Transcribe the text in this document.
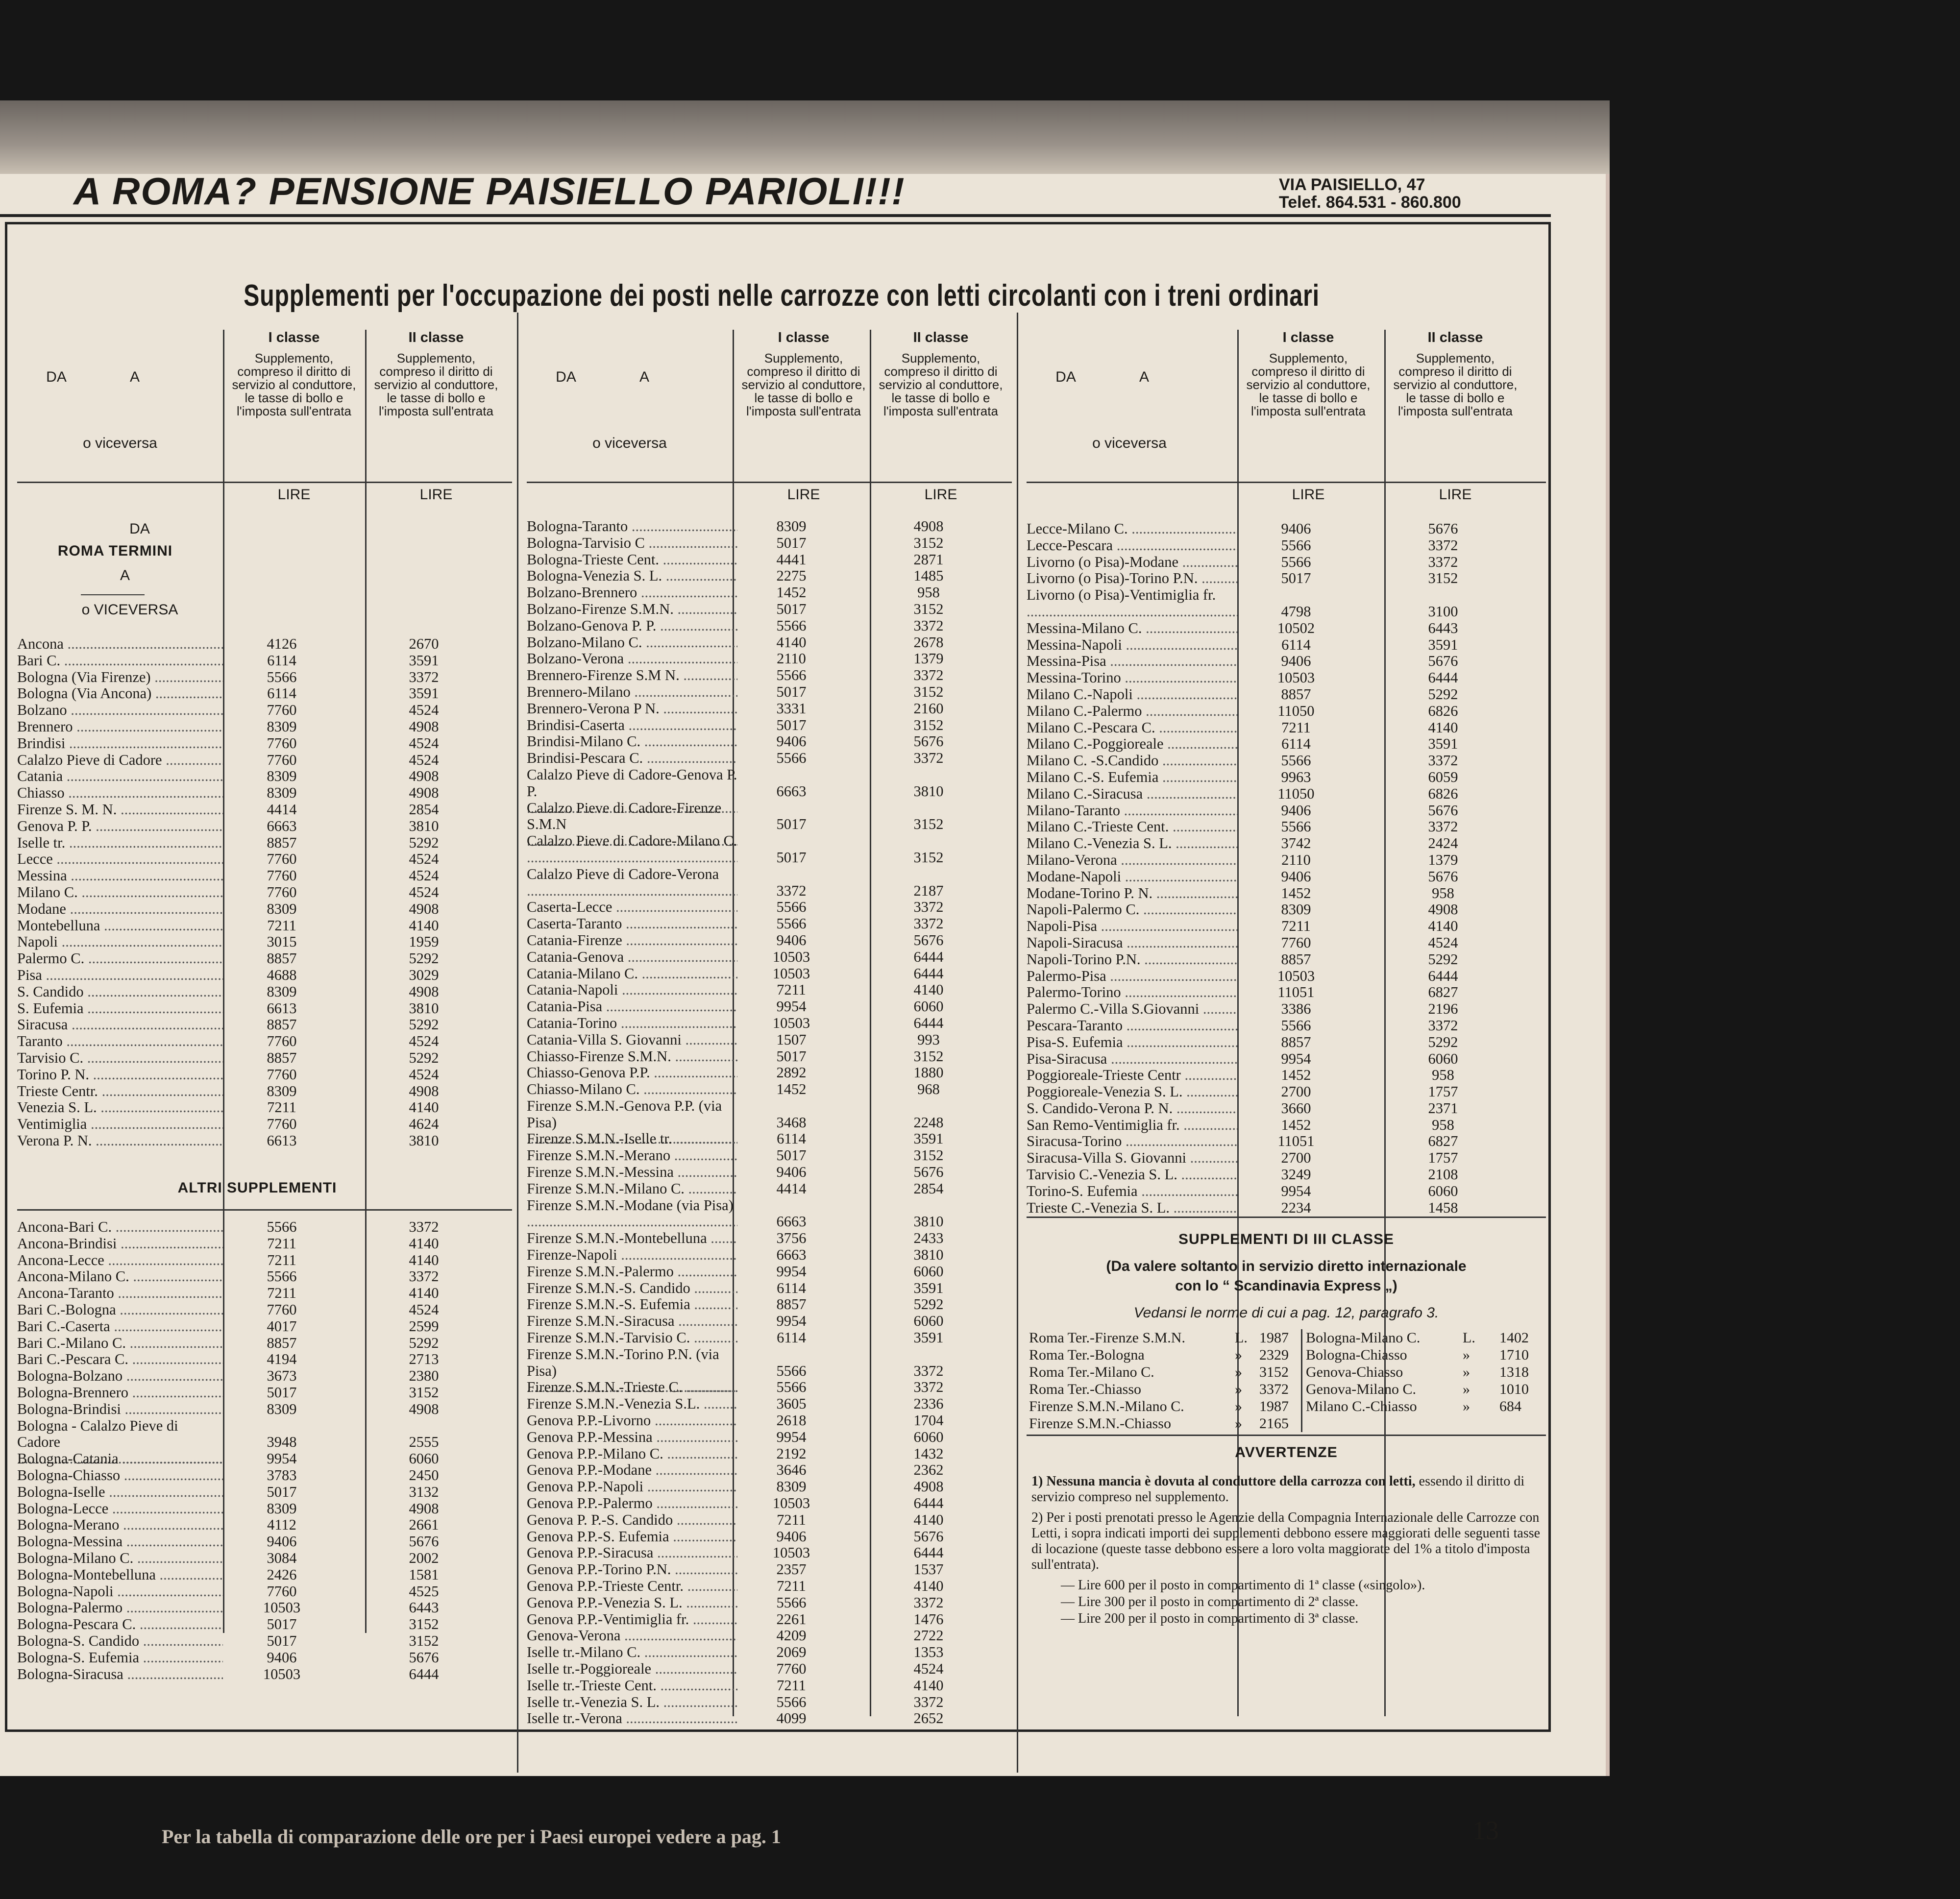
A ROMA? PENSIONE PAISIELLO PARIOLI!!!	VIA PAISIELLO, 47
Telef. 864.531 - 860.800
Supplementi per l'occupazione dei posti nelle carrozze con letti circolanti con i treni ordinari
DA	A
o viceversa
I classe	II classe
Supplemento, compreso il diritto di servizio al conduttore, le tasse di bollo e l'imposta sull'entrata
Supplemento, compreso il diritto di servizio al conduttore, le tasse di bollo e l'imposta sull'entrata
LIRE	LIRE
DA	A
o viceversa
I classe	II classe
Supplemento, compreso il diritto di servizio al conduttore, le tasse di bollo e l'imposta sull'entrata
Supplemento, compreso il diritto di servizio al conduttore, le tasse di bollo e l'imposta sull'entrata
LIRE	LIRE
DA	A
o viceversa
I classe	II classe
Supplemento, compreso il diritto di servizio al conduttore, le tasse di bollo e l'imposta sull'entrata
Supplemento, compreso il diritto di servizio al conduttore, le tasse di bollo e l'imposta sull'entrata
LIRE	LIRE
DA
ROMA TERMINI
A
o VICEVERSA
Ancona .....	4126	2670
Bari C. .....	6114	3591
Bologna (Via Firenze) .....	5566	3372
Bologna (Via Ancona) .....	6114	3591
Bolzano .....	7760	4524
Brennero .....	8309	4908
Brindisi .....	7760	4524
Calalzo Pieve di Cadore .....	7760	4524
Catania .....	8309	4908
Chiasso .....	8309	4908
Firenze S. M. N. .....	4414	2854
Genova P. P. .....	6663	3810
Iselle tr. .....	8857	5292
Lecce .....	7760	4524
Messina .....	7760	4524
Milano C. .....	7760	4524
Modane .....	8309	4908
Montebelluna .....	7211	4140
Napoli .....	3015	1959
Palermo C. .....	8857	5292
Pisa .....	4688	3029
S. Candido .....	8309	4908
S. Eufemia .....	6613	3810
Siracusa .....	8857	5292
Taranto .....	7760	4524
Tarvisio C. .....	8857	5292
Torino P. N. .....	7760	4524
Trieste Centr. .....	8309	4908
Venezia S. L. .....	7211	4140
Ventimiglia .....	7760	4624
Verona P. N. .....	6613	3810
ALTRI SUPPLEMENTI
Ancona-Bari C. .....	5566	3372
Ancona-Brindisi .....	7211	4140
Ancona-Lecce .....	7211	4140
Ancona-Milano C. .....	5566	3372
Ancona-Taranto .....	7211	4140
Bari C.-Bologna .....	7760	4524
Bari C.-Caserta .....	4017	2599
Bari C.-Milano C. .....	8857	5292
Bari C.-Pescara C. .....	4194	2713
Bologna-Bolzano .....	3673	2380
Bologna-Brennero .....	5017	3152
Bologna-Brindisi .....	8309	4908
Bologna - Calalzo Pieve di Cadore .....	3948	2555
Bologna-Catania .....	9954	6060
Bologna-Chiasso .....	3783	2450
Bologna-Iselle .....	5017	3132
Bologna-Lecce .....	8309	4908
Bologna-Merano .....	4112	2661
Bologna-Messina .....	9406	5676
Bologna-Milano C. .....	3084	2002
Bologna-Montebelluna .....	2426	1581
Bologna-Napoli .....	7760	4525
Bologna-Palermo .....	10503	6443
Bologna-Pescara C. .....	5017	3152
Bologna-S. Candido .....	5017	3152
Bologna-S. Eufemia .....	9406	5676
Bologna-Siracusa .....	10503	6444
Bologna-Taranto .....	8309	4908
Bologna-Tarvisio C .....	5017	3152
Bologna-Trieste Cent. .....	4441	2871
Bologna-Venezia S. L. .....	2275	1485
Bolzano-Brennero .....	1452	958
Bolzano-Firenze S.M.N. .....	5017	3152
Bolzano-Genova P. P. .....	5566	3372
Bolzano-Milano C. .....	4140	2678
Bolzano-Verona .....	2110	1379
Brennero-Firenze S.M N. .....	5566	3372
Brennero-Milano .....	5017	3152
Brennero-Verona P N. .....	3331	2160
Brindisi-Caserta .....	5017	3152
Brindisi-Milano C. .....	9406	5676
Brindisi-Pescara C. .....	5566	3372
Calalzo Pieve di Cadore-Genova P. P. .....	6663	3810
Calalzo Pieve di Cadore-Firenze S.M.N .....	5017	3152
Calalzo Pieve di Cadore-Milano C. .....
5017	3152
Calalzo Pieve di Cadore-Verona .....
3372	2187
Caserta-Lecce .....	5566	3372
Caserta-Taranto .....	5566	3372
Catania-Firenze .....	9406	5676
Catania-Genova .....	10503	6444
Catania-Milano C. .....	10503	6444
Catania-Napoli .....	7211	4140
Catania-Pisa .....	9954	6060
Catania-Torino .....	10503	6444
Catania-Villa S. Giovanni .....	1507	993
Chiasso-Firenze S.M.N. .....	5017	3152
Chiasso-Genova P.P. .....	2892	1880
Chiasso-Milano C. .....	1452	968
Firenze S.M.N.-Genova P.P. (via Pisa) .....	3468	2248
Firenze S.M.N.-Iselle tr. .....	6114	3591
Firenze S.M.N.-Merano .....	5017	3152
Firenze S.M.N.-Messina .....	9406	5676
Firenze S.M.N.-Milano C. .....	4414	2854
Firenze S.M.N.-Modane (via Pisa) .....
6663	3810
Firenze S.M.N.-Montebelluna .....	3756	2433
Firenze-Napoli .....	6663	3810
Firenze S.M.N.-Palermo .....	9954	6060
Firenze S.M.N.-S. Candido .....	6114	3591
Firenze S.M.N.-S. Eufemia .....	8857	5292
Firenze S.M.N.-Siracusa .....	9954	6060
Firenze S.M.N.-Tarvisio C. .....	6114	3591
Firenze S.M.N.-Torino P.N. (via Pisa) .....	5566	3372
Firenze S.M.N.-Trieste C. .....	5566	3372
Firenze S.M.N.-Venezia S.L. .....	3605	2336
Genova P.P.-Livorno .....	2618	1704
Genova P.P.-Messina .....	9954	6060
Genova P.P.-Milano C. .....	2192	1432
Genova P.P.-Modane .....	3646	2362
Genova P.P.-Napoli .....	8309	4908
Genova P.P.-Palermo .....	10503	6444
Genova P. P.-S. Candido .....	7211	4140
Genova P.P.-S. Eufemia .....	9406	5676
Genova P.P.-Siracusa .....	10503	6444
Genova P.P.-Torino P.N. .....	2357	1537
Genova P.P.-Trieste Centr. .....	7211	4140
Genova P.P.-Venezia S. L. .....	5566	3372
Genova P.P.-Ventimiglia fr. .....	2261	1476
Genova-Verona .....	4209	2722
Iselle tr.-Milano C. .....	2069	1353
Iselle tr.-Poggioreale .....	7760	4524
Iselle tr.-Trieste Cent. .....	7211	4140
Iselle tr.-Venezia S. L. .....	5566	3372
Iselle tr.-Verona .....	4099	2652
Lecce-Milano C. .....	9406	5676
Lecce-Pescara .....	5566	3372
Livorno (o Pisa)-Modane .....	5566	3372
Livorno (o Pisa)-Torino P.N. .....	5017	3152
Livorno (o Pisa)-Ventimiglia fr. .....
4798	3100
Messina-Milano C. .....	10502	6443
Messina-Napoli .....	6114	3591
Messina-Pisa .....	9406	5676
Messina-Torino .....	10503	6444
Milano C.-Napoli .....	8857	5292
Milano C.-Palermo .....	11050	6826
Milano C.-Pescara C. .....	7211	4140
Milano C.-Poggioreale .....	6114	3591
Milano C. -S.Candido .....	5566	3372
Milano C.-S. Eufemia .....	9963	6059
Milano C.-Siracusa .....	11050	6826
Milano-Taranto .....	9406	5676
Milano C.-Trieste Cent. .....	5566	3372
Milano C.-Venezia S. L. .....	3742	2424
Milano-Verona .....	2110	1379
Modane-Napoli .....	9406	5676
Modane-Torino P. N. .....	1452	958
Napoli-Palermo C. .....	8309	4908
Napoli-Pisa .....	7211	4140
Napoli-Siracusa .....	7760	4524
Napoli-Torino P.N. .....	8857	5292
Palermo-Pisa .....	10503	6444
Palermo-Torino .....	11051	6827
Palermo C.-Villa S.Giovanni .....	3386	2196
Pescara-Taranto .....	5566	3372
Pisa-S. Eufemia .....	8857	5292
Pisa-Siracusa .....	9954	6060
Poggioreale-Trieste Centr .....	1452	958
Poggioreale-Venezia S. L. .....	2700	1757
S. Candido-Verona P. N. .....	3660	2371
San Remo-Ventimiglia fr. .....	1452	958
Siracusa-Torino .....	11051	6827
Siracusa-Villa S. Giovanni .....	2700	1757
Tarvisio C.-Venezia S. L. .....	3249	2108
Torino-S. Eufemia .....	9954	6060
Trieste C.-Venezia S. L. .....	2234	1458
SUPPLEMENTI DI III CLASSE
(Da valere soltanto in servizio diretto internazionale
con lo “ Scandinavia Express „)
Vedansi le norme di cui a pag. 12, paragrafo 3.
Roma Ter.-Firenze S.M.N.	L. 1987
Roma Ter.-Bologna	» 2329
Roma Ter.-Milano C.	» 3152
Roma Ter.-Chiasso	» 3372
Firenze S.M.N.-Milano C.	» 1987
Firenze S.M.N.-Chiasso	» 2165
Bologna-Milano C.	L. 1402
Bologna-Chiasso	» 1710
Genova-Chiasso	» 1318
Genova-Milano C.	» 1010
Milano C.-Chiasso	» 684
AVVERTENZE

1) Nessuna mancia è dovuta al conduttore della carrozza con letti, essendo il diritto di servizio compreso nel supplemento.

2) Per i posti prenotati presso le Agenzie della Compagnia Internazionale delle Carrozze con Letti, i sopra indicati importi dei supplementi debbono essere maggiorati delle seguenti tasse di locazione (queste tasse debbono essere a loro volta maggiorate del 1% a titolo d'imposta sull'entrata).

— Lire 600 per il posto in compartimento di 1ª classe («singolo»).

— Lire 300 per il posto in compartimento di 2ª classe.

— Lire 200 per il posto in compartimento di 3ª classe.

Per la tabella di comparazione delle ore per i Paesi europei vedere a pag. 1	13
